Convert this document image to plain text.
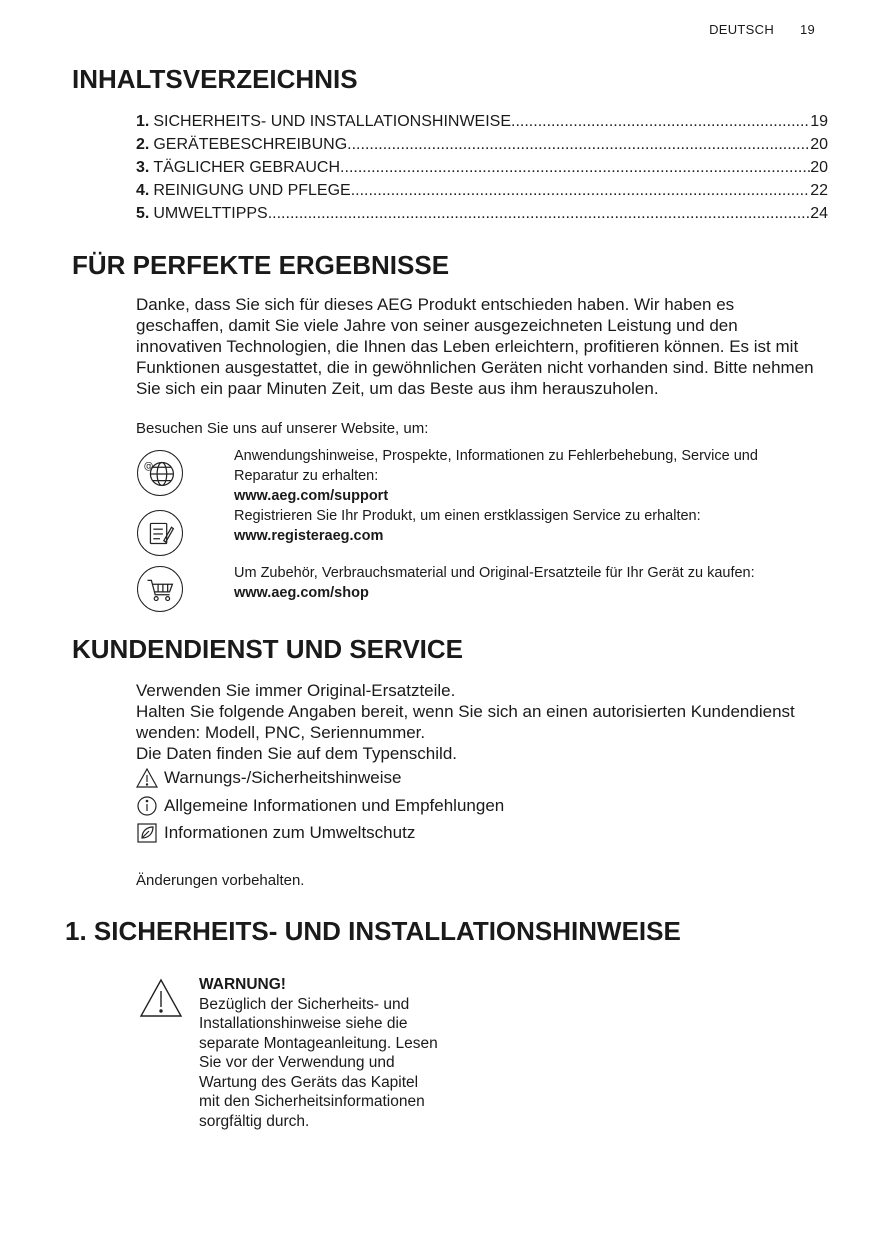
DEUTSCH 19
INHALTSVERZEICHNIS
1. SICHERHEITS- UND INSTALLATIONSHINWEISE .....	19
2. GERÄTEBESCHREIBUNG .....	20
3. TÄGLICHER GEBRAUCH .....	20
4. REINIGUNG UND PFLEGE .....	22
5. UMWELTTIPPS .....	24
FÜR PERFEKTE ERGEBNISSE
Danke, dass Sie sich für dieses AEG Produkt entschieden haben. Wir haben es geschaffen, damit Sie viele Jahre von seiner ausgezeichneten Leistung und den innovativen Technologien, die Ihnen das Leben erleichtern, profitieren können. Es ist mit Funktionen ausgestattet, die in gewöhnlichen Geräten nicht vorhanden sind. Bitte nehmen Sie sich ein paar Minuten Zeit, um das Beste aus ihm herauszuholen.
Besuchen Sie uns auf unserer Website, um:
@
Anwendungshinweise, Prospekte, Informationen zu Fehlerbehebung, Service und Reparatur zu erhalten:
www.aeg.com/support
Registrieren Sie Ihr Produkt, um einen erstklassigen Service zu erhalten:
www.registeraeg.com
Um Zubehör, Verbrauchsmaterial und Original-Ersatzteile für Ihr Gerät zu kaufen:
www.aeg.com/shop
KUNDENDIENST UND SERVICE
Verwenden Sie immer Original-Ersatzteile.
Halten Sie folgende Angaben bereit, wenn Sie sich an einen autorisierten Kundendienst wenden: Modell, PNC, Seriennummer.
Die Daten finden Sie auf dem Typenschild.
Warnungs-/Sicherheitshinweise
Allgemeine Informationen und Empfehlungen
Informationen zum Umweltschutz
Änderungen vorbehalten.
1. SICHERHEITS- UND INSTALLATIONSHINWEISE
WARNUNG!
Bezüglich der Sicherheits- und Installationshinweise siehe die separate Montageanleitung. Lesen Sie vor der Verwendung und Wartung des Geräts das Kapitel mit den Sicherheitsinformationen sorgfältig durch.
